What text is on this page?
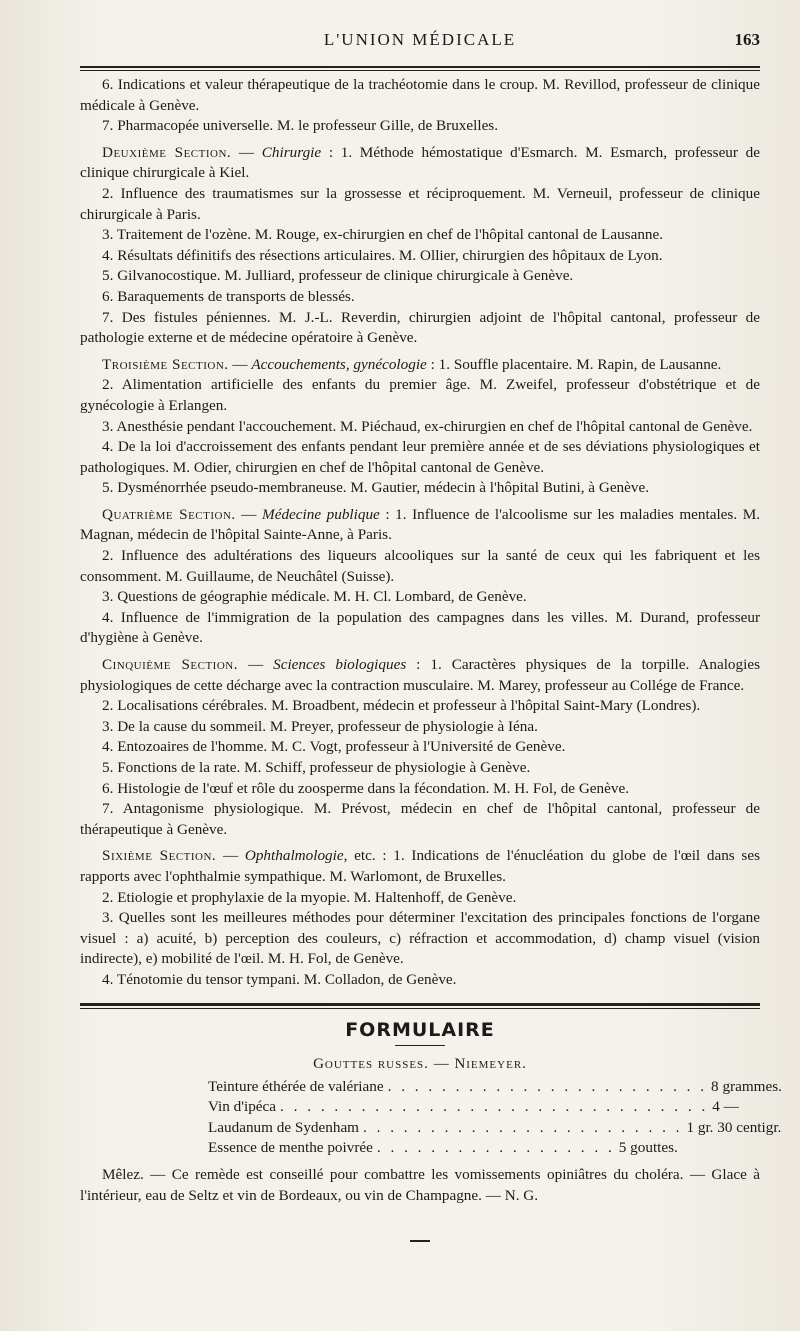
L'UNION MÉDICALE	163

6. Indications et valeur thérapeutique de la trachéotomie dans le croup. M. Revillod, professeur de clinique médicale à Genève.

7. Pharmacopée universelle. M. le professeur Gille, de Bruxelles.

Deuxième Section. — Chirurgie : 1. Méthode hémostatique d'Esmarch. M. Esmarch, professeur de clinique chirurgicale à Kiel.

2. Influence des traumatismes sur la grossesse et réciproquement. M. Verneuil, professeur de clinique chirurgicale à Paris.

3. Traitement de l'ozène. M. Rouge, ex-chirurgien en chef de l'hôpital cantonal de Lausanne.

4. Résultats définitifs des résections articulaires. M. Ollier, chirurgien des hôpitaux de Lyon.

5. Gilvanocostique. M. Julliard, professeur de clinique chirurgicale à Genève.

6. Baraquements de transports de blessés.

7. Des fistules péniennes. M. J.-L. Reverdin, chirurgien adjoint de l'hôpital cantonal, professeur de pathologie externe et de médecine opératoire à Genève.

Troisième Section. — Accouchements, gynécologie : 1. Souffle placentaire. M. Rapin, de Lausanne.

2. Alimentation artificielle des enfants du premier âge. M. Zweifel, professeur d'obstétrique et de gynécologie à Erlangen.

3. Anesthésie pendant l'accouchement. M. Piéchaud, ex-chirurgien en chef de l'hôpital cantonal de Genève.

4. De la loi d'accroissement des enfants pendant leur première année et de ses déviations physiologiques et pathologiques. M. Odier, chirurgien en chef de l'hôpital cantonal de Genève.

5. Dysménorrhée pseudo-membraneuse. M. Gautier, médecin à l'hôpital Butini, à Genève.

Quatrième Section. — Médecine publique : 1. Influence de l'alcoolisme sur les maladies mentales. M. Magnan, médecin de l'hôpital Sainte-Anne, à Paris.

2. Influence des adultérations des liqueurs alcooliques sur la santé de ceux qui les fabriquent et les consomment. M. Guillaume, de Neuchâtel (Suisse).

3. Questions de géographie médicale. M. H. Cl. Lombard, de Genève.

4. Influence de l'immigration de la population des campagnes dans les villes. M. Durand, professeur d'hygiène à Genève.

Cinquième Section. — Sciences biologiques : 1. Caractères physiques de la torpille. Analogies physiologiques de cette décharge avec la contraction musculaire. M. Marey, professeur au Collége de France.

2. Localisations cérébrales. M. Broadbent, médecin et professeur à l'hôpital Saint-Mary (Londres).

3. De la cause du sommeil. M. Preyer, professeur de physiologie à Iéna.

4. Entozoaires de l'homme. M. C. Vogt, professeur à l'Université de Genève.

5. Fonctions de la rate. M. Schiff, professeur de physiologie à Genève.

6. Histologie de l'œuf et rôle du zoosperme dans la fécondation. M. H. Fol, de Genève.

7. Antagonisme physiologique. M. Prévost, médecin en chef de l'hôpital cantonal, professeur de thérapeutique à Genève.

Sixième Section. — Ophthalmologie, etc. : 1. Indications de l'énucléation du globe de l'œil dans ses rapports avec l'ophthalmie sympathique. M. Warlomont, de Bruxelles.

2. Etiologie et prophylaxie de la myopie. M. Haltenhoff, de Genève.

3. Quelles sont les meilleures méthodes pour déterminer l'excitation des principales fonctions de l'organe visuel : a) acuité, b) perception des couleurs, c) réfraction et accommodation, d) champ visuel (vision indirecte), e) mobilité de l'œil. M. H. Fol, de Genève.

4. Ténotomie du tensor tympani. M. Colladon, de Genève.

FORMULAIRE
Gouttes russes. — Niemeyer.
Teinture éthérée de valériane . . . . . . . . . . . . . . . . . . . . . . . . 8 grammes.
Vin d'ipéca . . . . . . . . . . . . . . . . . . . . . . . . . . . . . . . . 4 —
Laudanum de Sydenham . . . . . . . . . . . . . . . . . . . . . . . . 1 gr. 30 centigr.
Essence de menthe poivrée . . . . . . . . . . . . . . . . . . 5 gouttes.

Mêlez. — Ce remède est conseillé pour combattre les vomissements opiniâtres du choléra. — Glace à l'intérieur, eau de Seltz et vin de Bordeaux, ou vin de Champagne. — N. G.
